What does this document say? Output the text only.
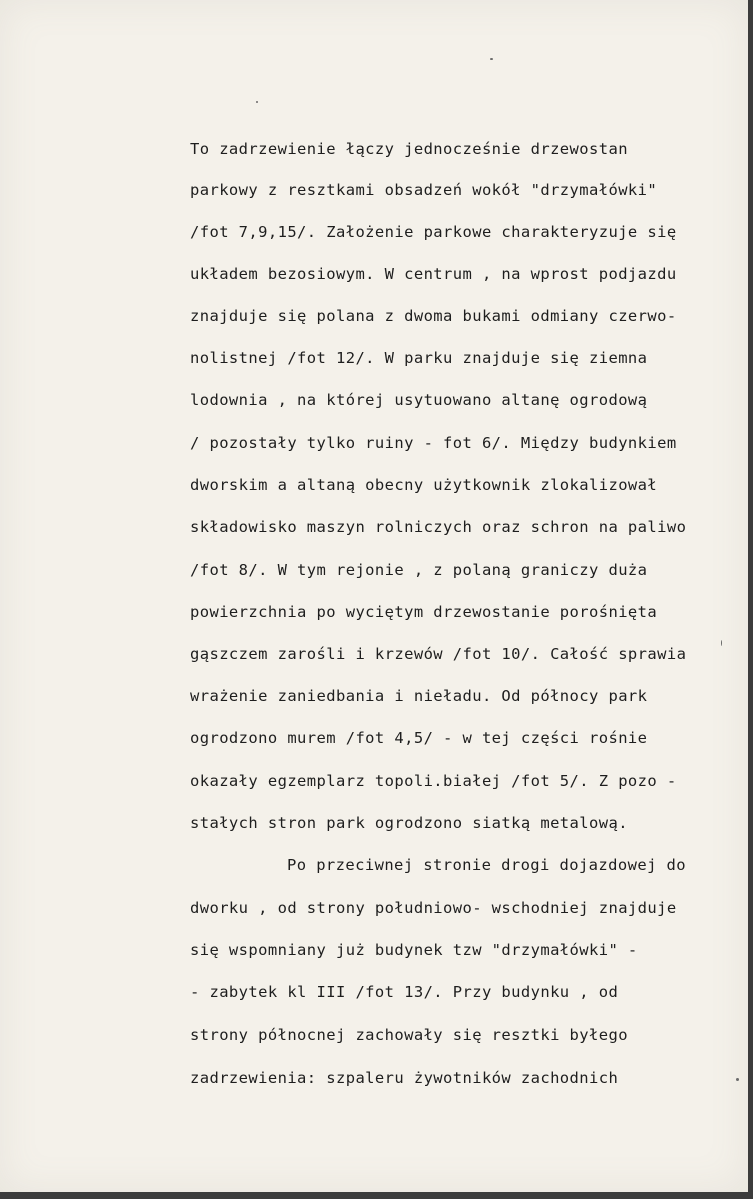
To zadrzewienie łączy jednocześnie drzewostan

parkowy z resztkami obsadzeń wokół "drzymałówki"

/fot 7,9,15/. Założenie parkowe charakteryzuje się

układem bezosiowym. W centrum , na wprost podjazdu

znajduje się polana z dwoma bukami odmiany czerwo-

nolistnej /fot 12/. W parku znajduje się ziemna

lodownia , na której usytuowano altanę ogrodową

/ pozostały tylko ruiny - fot 6/. Między budynkiem

dworskim a altaną obecny użytkownik zlokalizował

składowisko maszyn rolniczych oraz schron na paliwo

/fot 8/. W tym rejonie , z polaną graniczy duża

powierzchnia po wyciętym drzewostanie porośnięta

gąszczem zarośli i krzewów /fot 10/. Całość sprawia

wrażenie zaniedbania i nieładu. Od północy park

ogrodzono murem /fot 4,5/ - w tej części rośnie

okazały egzemplarz topoli.białej /fot 5/. Z pozo -

stałych stron park ogrodzono siatką metalową.

Po przeciwnej stronie drogi dojazdowej do

dworku , od strony południowo- wschodniej znajduje

się wspomniany już budynek tzw "drzymałówki" -

- zabytek kl III /fot 13/. Przy budynku , od

strony północnej zachowały się resztki byłego

zadrzewienia: szpaleru żywotników zachodnich
